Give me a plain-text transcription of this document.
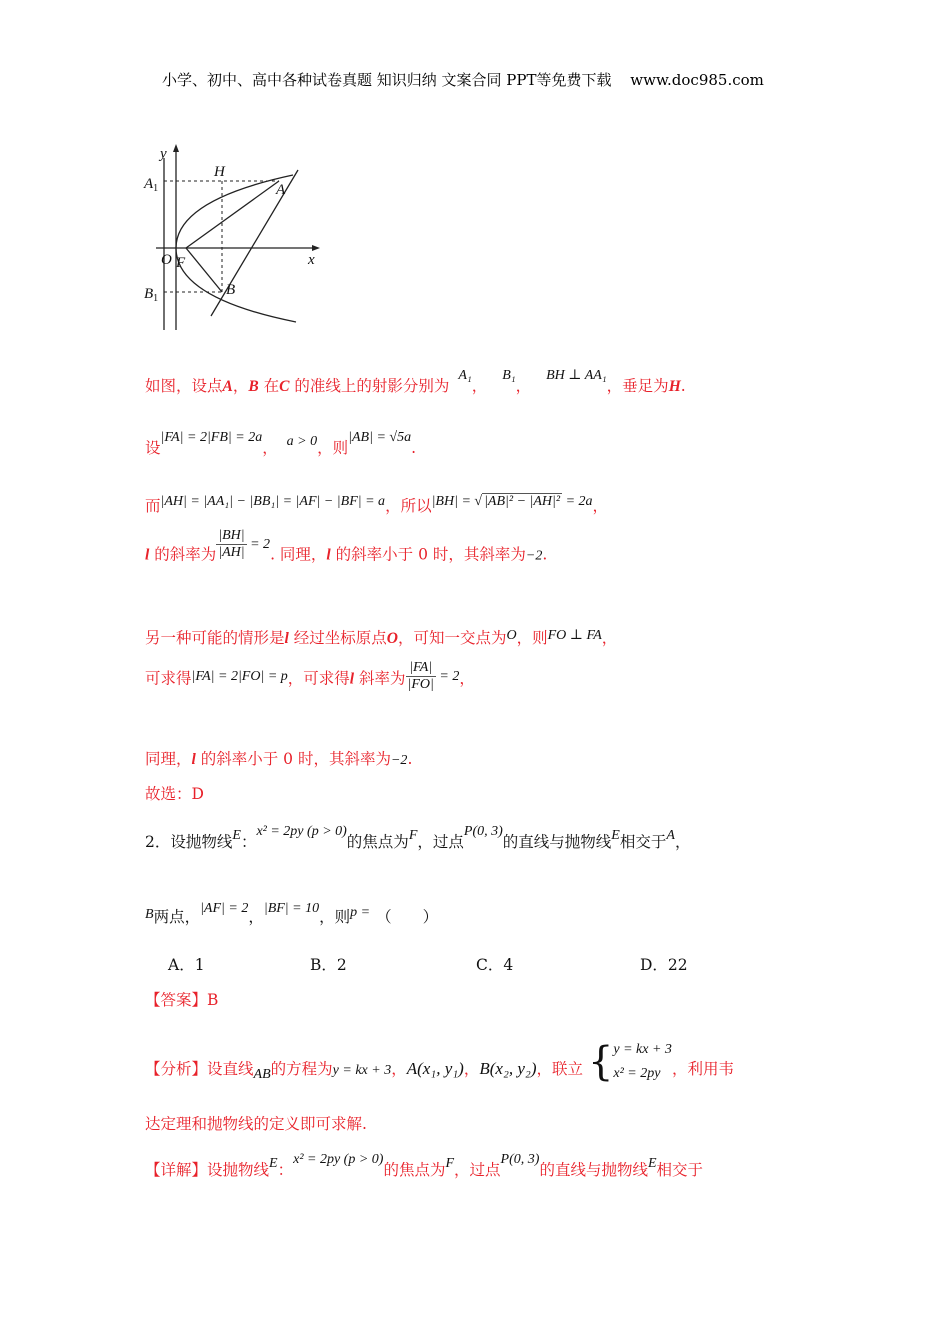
小学、初中、高中各种试卷真题 知识归纳 文案合同 PPT等免费下载 www.doc985.com
y
x
$A_1$
$B_1$
H
A
B
O F
如图，设点A，B 在C 的准线上的射影分别为 A₁， B₁， BH ⊥ AA₁，垂足为H.
设|FA| = 2|FB| = 2a， a > 0，则|AB| = √5a.
而|AH| = |AA₁| − |BB₁| = |AF| − |BF| = a，所以|BH| = √ |AB|² − |AH|² = 2a，
l 的斜率为 $\frac{|BH|}{|AH|} = 2$. 同理，l 的斜率小于 0 时，其斜率为−2.
另一种可能的情形是l 经过坐标原点O，可知一交点为O，则FO ⊥ FA，
可求得|FA| = 2|FO| = p，可求得l 斜率为 $\frac{|FA|}{|FO|} = 2$，
同理，l 的斜率小于 0 时，其斜率为−2.
故选：D
2．设抛物线E：x² = 2py (p > 0)的焦点为F，过点P(0, 3)的直线与抛物线E相交于A，
B两点，|AF| = 2，|BF| = 10，则p = （　　）
A．1	B．2	C．4	D．22
【答案】B
【分析】设直线AB的方程为y = kx + 3，A(x₁, y₁)，B(x₂, y₂)，联立 { y = kx + 3
x² = 2py ，利用韦
达定理和抛物线的定义即可求解.
【详解】设抛物线E：x² = 2py (p > 0)的焦点为F，过点P(0, 3)的直线与抛物线E相交于
